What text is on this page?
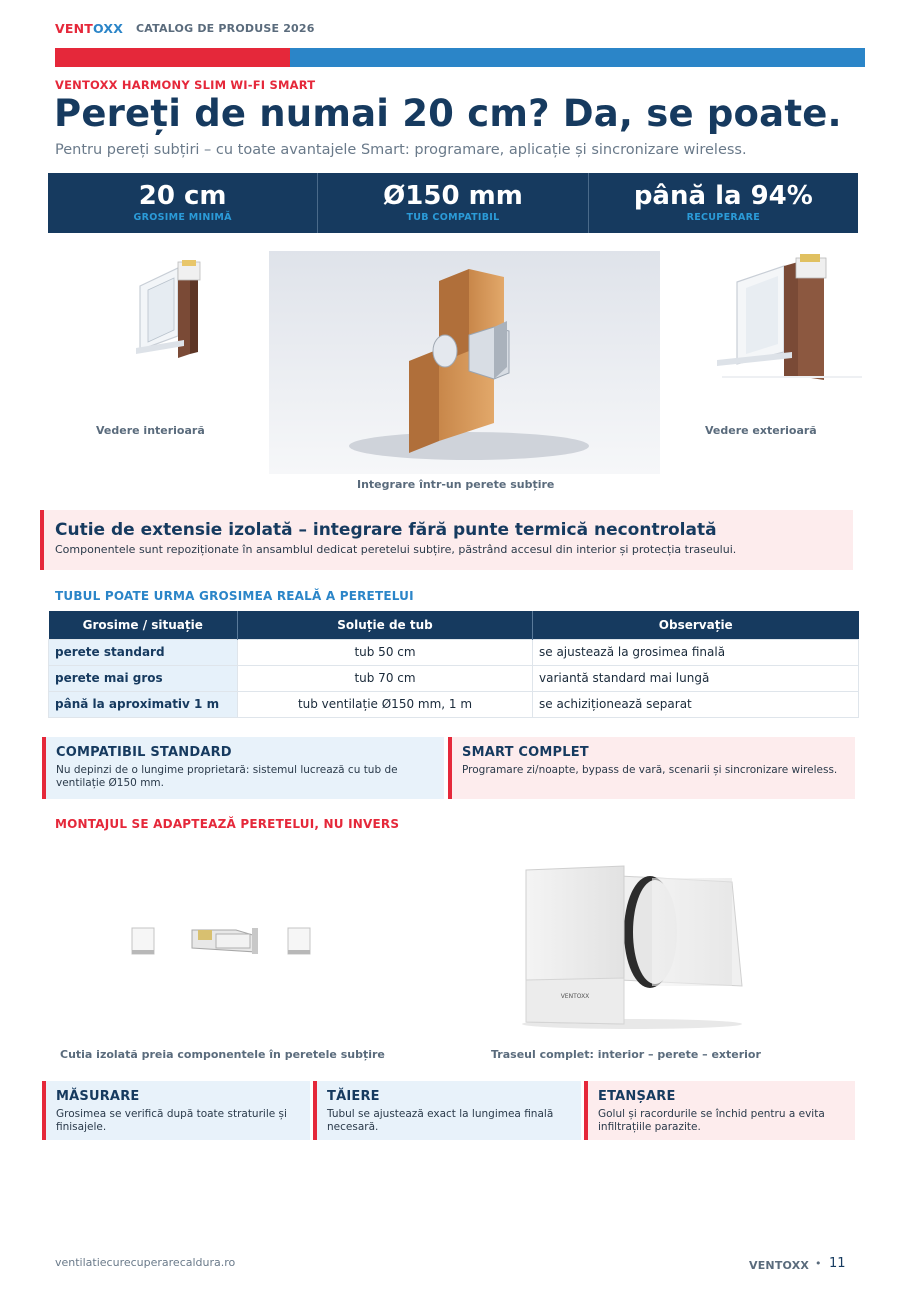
VENTOXX CATALOG DE PRODUSE 2026
VENTOXX HARMONY SLIM WI-FI SMART
Pereți de numai 20 cm? Da, se poate.
Pentru pereți subțiri – cu toate avantajele Smart: programare, aplicație și sincronizare wireless.
20 cm
GROSIME MINIMĂ
Ø150 mm
TUB COMPATIBIL
până la 94%
RECUPERARE
Vedere interioară
Integrare într-un perete subțire
Vedere exterioară
Cutie de extensie izolată – integrare fără punte termică necontrolată
Componentele sunt repoziționate în ansamblul dedicat peretelui subțire, păstrând accesul din interior și protecția traseului.
TUBUL POATE URMA GROSIMEA REALĂ A PERETELUI
Grosime / situație	Soluție de tub	Observație
perete standard	tub 50 cm	se ajustează la grosimea finală
perete mai gros	tub 70 cm	variantă standard mai lungă
până la aproximativ 1 m	tub ventilație Ø150 mm, 1 m	se achiziționează separat
COMPATIBIL STANDARD
Nu depinzi de o lungime proprietară: sistemul lucrează cu tub de ventilație Ø150 mm.
SMART COMPLET
Programare zi/noapte, bypass de vară, scenarii și sincronizare wireless.
MONTAJUL SE ADAPTEAZĂ PERETELUI, NU INVERS
VENTOXX
Cutia izolată preia componentele în peretele subțire	Traseul complet: interior – perete – exterior
MĂSURARE
Grosimea se verifică după toate straturile și finisajele.
TĂIERE
Tubul se ajustează exact la lungimea finală necesară.
ETANȘARE
Golul și racordurile se închid pentru a evita infiltrațiile parazite.
ventilatiecurecuperarecaldura.ro	VENTOXX • 11
